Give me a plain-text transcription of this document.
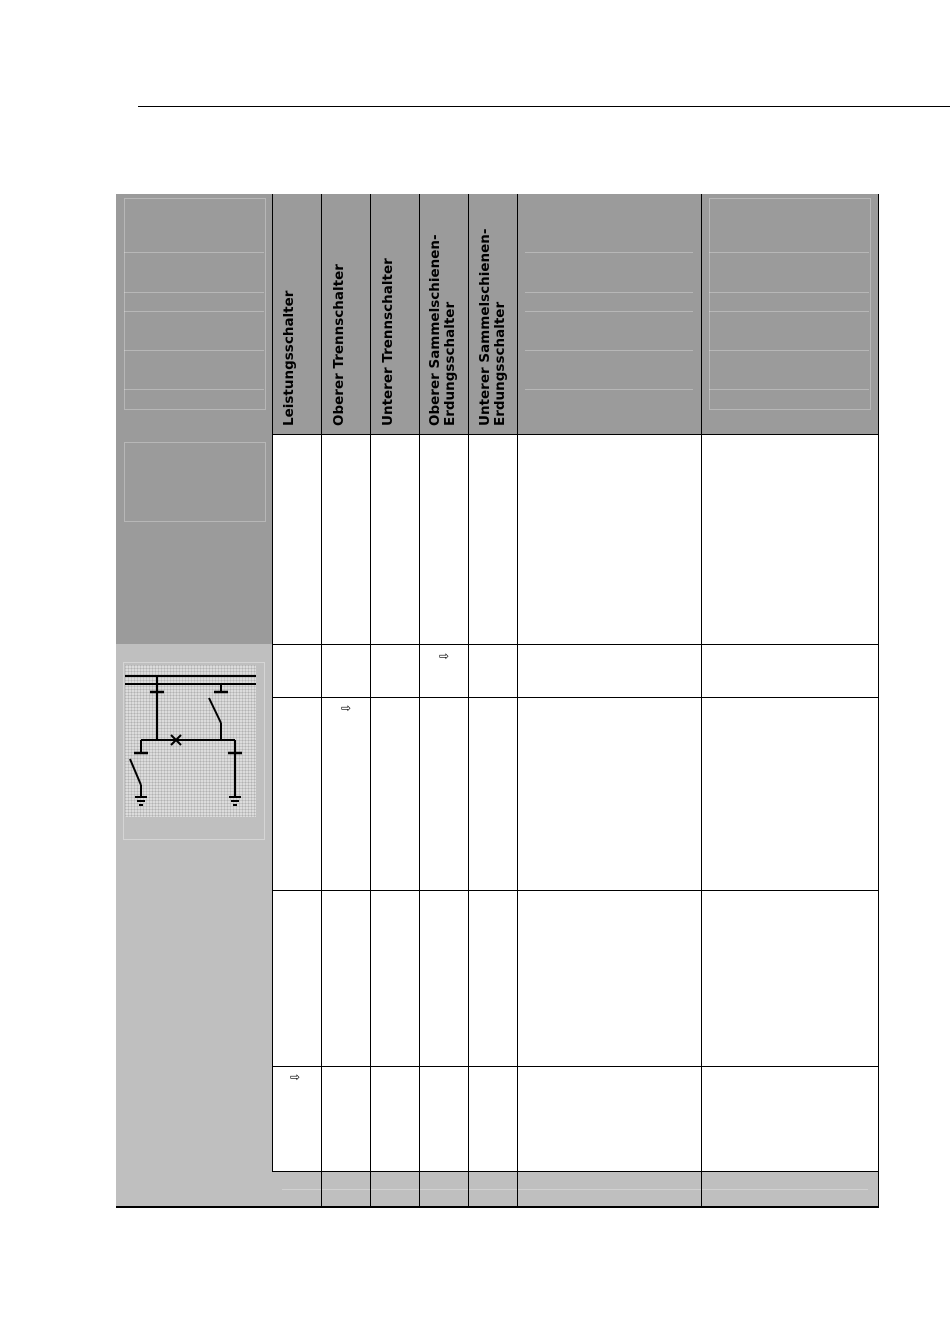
Leistungsschalter	Oberer Trennschalter Unterer Trennschalter Oberer Sammelschienen-Erdungsschalter Unterer Sammelschienen-Erdungsschalter
⇨
⇨
⇨
